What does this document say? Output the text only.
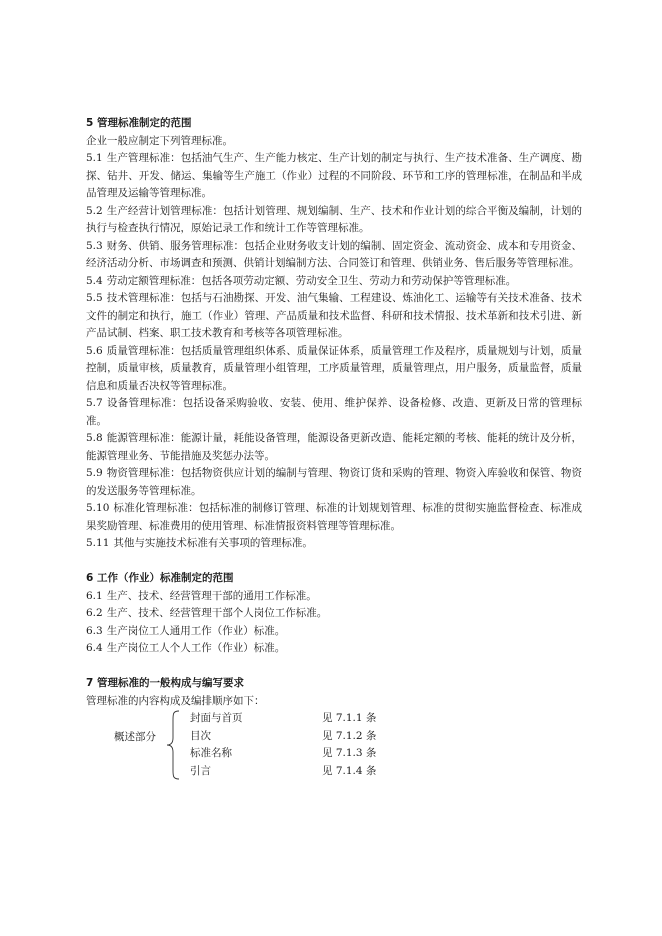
5 管理标准制定的范围

企业一般应制定下列管理标准。

5.1 生产管理标准：包括油气生产、生产能力核定、生产计划的制定与执行、生产技术准备、生产调度、勘探、钻井、开发、储运、集输等生产施工（作业）过程的不同阶段、环节和工序的管理标准，在制品和半成品管理及运输等管理标准。

5.2 生产经营计划管理标准：包括计划管理、规划编制、生产、技术和作业计划的综合平衡及编制，计划的执行与检查执行情况，原始记录工作和统计工作等管理标准。

5.3 财务、供销、服务管理标准：包括企业财务收支计划的编制、固定资金、流动资金、成本和专用资金、经济活动分析、市场调查和预测、供销计划编制方法、合同签订和管理、供销业务、售后服务等管理标准。

5.4 劳动定额管理标准：包括各项劳动定额、劳动安全卫生、劳动力和劳动保护等管理标准。

5.5 技术管理标准：包括与石油勘探、开发、油气集输、工程建设、炼油化工、运输等有关技术准备、技术文件的制定和执行，施工（作业）管理、产品质量和技术监督、科研和技术情报、技术革新和技术引进、新产品试制、档案、职工技术教育和考核等各项管理标准。

5.6 质量管理标准：包括质量管理组织体系、质量保证体系，质量管理工作及程序，质量规划与计划，质量控制，质量审核，质量教育，质量管理小组管理，工序质量管理，质量管理点，用户服务，质量监督，质量信息和质量否决权等管理标准。

5.7 设备管理标准：包括设备采购验收、安装、使用、维护保养、设备检修、改造、更新及日常的管理标准。

5.8 能源管理标准：能源计量，耗能设备管理，能源设备更新改造、能耗定额的考核、能耗的统计及分析，能源管理业务、节能措施及奖惩办法等。

5.9 物资管理标准：包括物资供应计划的编制与管理、物资订货和采购的管理、物资入库验收和保管、物资的发送服务等管理标准。

5.10 标准化管理标准：包括标准的制修订管理、标准的计划规划管理、标准的贯彻实施监督检查、标准成果奖励管理、标准费用的使用管理、标准情报资料管理等管理标准。

5.11 其他与实施技术标准有关事项的管理标准。

6 工作（作业）标准制定的范围

6.1 生产、技术、经营管理干部的通用工作标准。

6.2 生产、技术、经营管理干部个人岗位工作标准。

6.3 生产岗位工人通用工作（作业）标准。

6.4 生产岗位工人个人工作（作业）标准。

7 管理标准的一般构成与编写要求

管理标准的内容构成及编排顺序如下：

概述部分
封面与首页	见 7.1.1 条
目次	见 7.1.2 条
标准名称	见 7.1.3 条
引言	见 7.1.4 条
